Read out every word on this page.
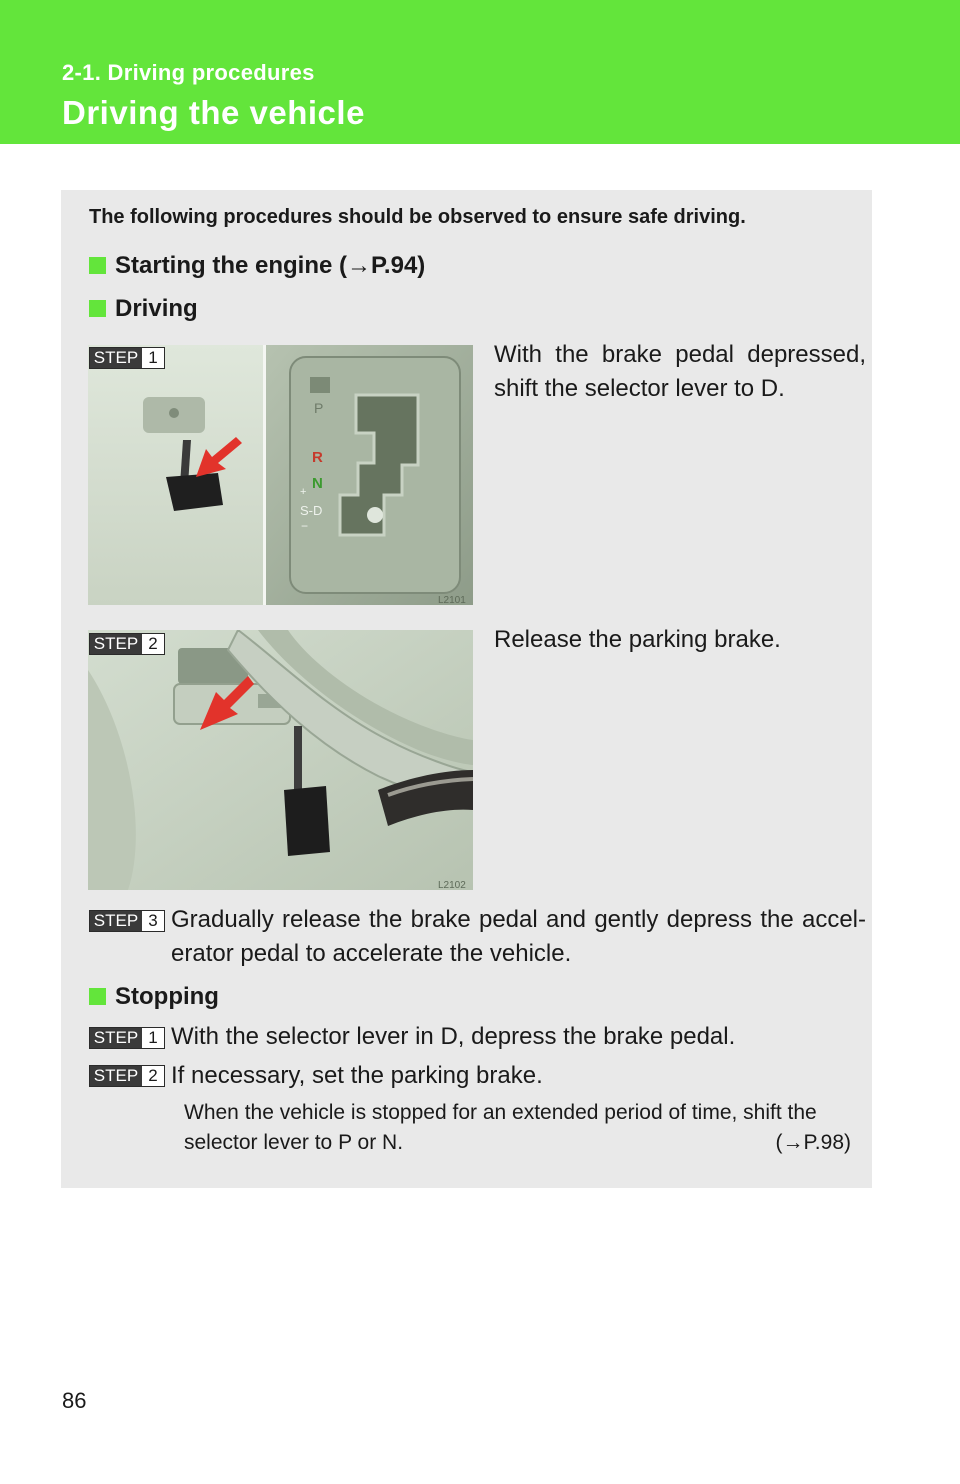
2-1. Driving procedures
Driving the vehicle
The following procedures should be observed to ensure safe driving.
Starting the engine (→P.94)
Driving
P
R
N
+
S-D
−
L2101
STEP 1	With the brake pedal depressed, shift the selector lever to D.
L2102
STEP 2	Release the parking brake.
STEP 3 Gradually release the brake pedal and gently depress the accel-erator pedal to accelerate the vehicle.
Stopping
STEP 1 With the selector lever in D, depress the brake pedal.
STEP 2 If necessary, set the parking brake.
When the vehicle is stopped for an extended period of time, shift the selector lever to P or N.	(→P.98)
86
